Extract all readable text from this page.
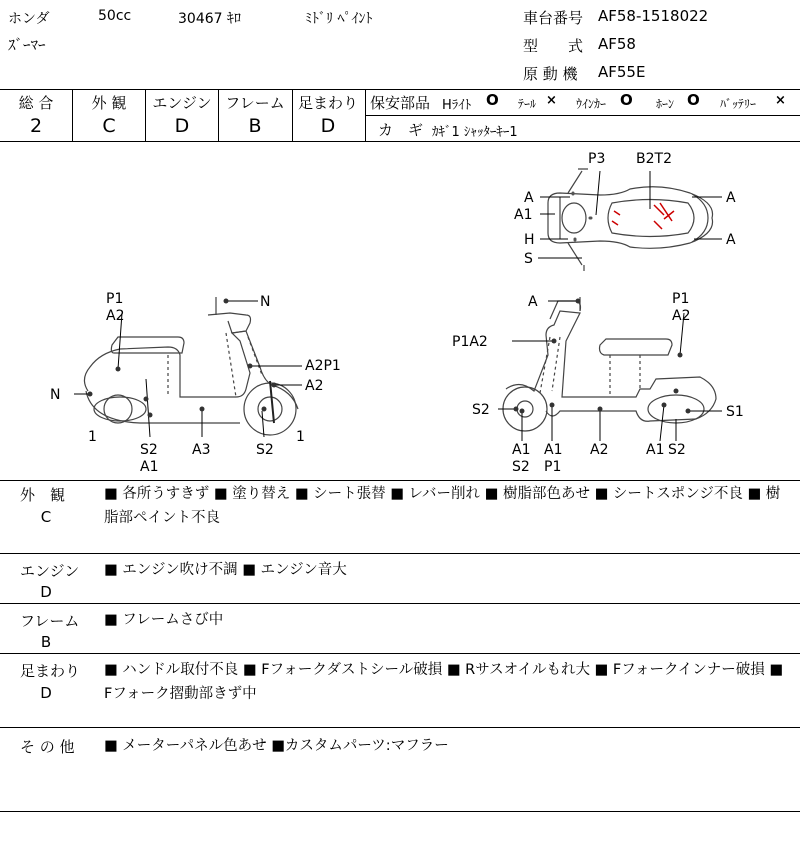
ホンダ	50cc	30467 ｷﾛ	ﾐﾄﾞﾘ ﾍﾟｲﾝﾄ
ｽﾞｰﾏｰ
車台番号 AF58-1518022
型　　式 AF58
原 動 機 AF55E
総 合	外 観	エンジン フレーム 足まわり
2	C	D	B	D
保安部品 Hﾗｲﾄ O ﾃｰﾙ × ｳｲﾝｶｰ O ﾎｰﾝ O ﾊﾞｯﾃﾘｰ ×
カ　ギ ｶｷﾞ1 ｼｬｯﾀｰｷｰ1
P3 B2T2
A
A1
H
S
A
A
P1
A2
N
A2P1
A2
N
1
S2
A1
A3	S2
1
A	P1
A2
P1A2
S2	S1
A1
S2
A1
P1
A2	A1 S2
外　観
C
■ 各所うすきず ■ 塗り替え ■ シート張替 ■ レバー削れ ■ 樹脂部色あせ ■ シートスポンジ不良 ■ 樹脂部ペイント不良
エンジン
D
■ エンジン吹け不調 ■ エンジン音大
フレーム
B
■ フレームさび中
足まわり
D
■ ハンドル取付不良 ■ Fフォークダストシール破損 ■ Rサスオイルもれ大 ■ Fフォークインナー破損 ■ Fフォーク摺動部きず中
そ の 他 ■ メーターパネル色あせ ■カスタムパーツ:マフラー
